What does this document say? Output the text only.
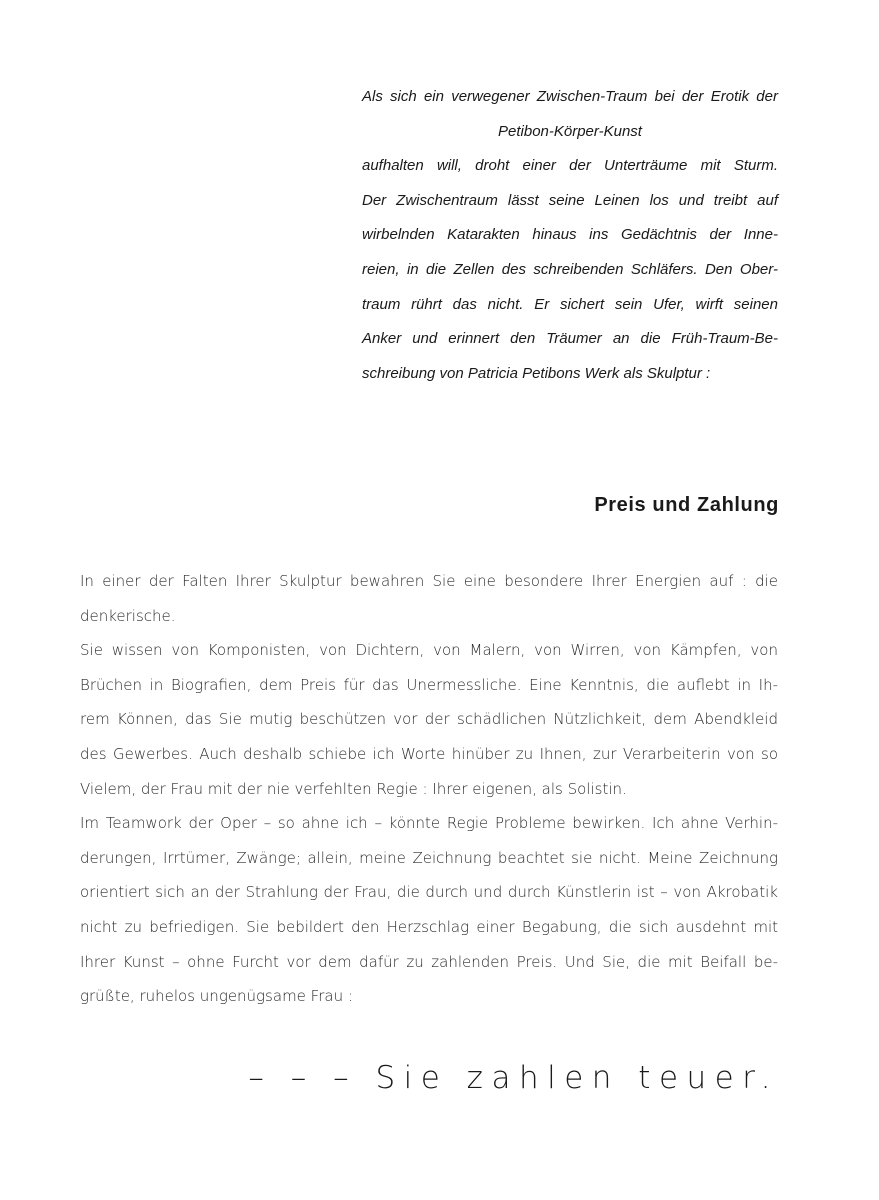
Als sich ein verwegener Zwischen-Traum bei der Erotik der
Petibon-Körper-Kunst
aufhalten will, droht einer der Unterträume mit Sturm.
Der Zwischentraum lässt seine Leinen los und treibt auf
wirbelnden Katarakten hinaus ins Gedächtnis der Inne-
reien, in die Zellen des schreibenden Schläfers. Den Ober-
traum rührt das nicht. Er sichert sein Ufer, wirft seinen
Anker und erinnert den Träumer an die Früh-Traum-Be-
schreibung von Patricia Petibons Werk als Skulptur :
Preis und Zahlung
In einer der Falten Ihrer Skulptur bewahren Sie eine besondere Ihrer Energien auf : die
denkerische.
Sie wissen von Komponisten, von Dichtern, von Malern, von Wirren, von Kämpfen, von
Brüchen in Biografien, dem Preis für das Unermessliche. Eine Kenntnis, die auflebt in Ih-
rem Können, das Sie mutig beschützen vor der schädlichen Nützlichkeit, dem Abendkleid
des Gewerbes. Auch deshalb schiebe ich Worte hinüber zu Ihnen, zur Verarbeiterin von so
Vielem, der Frau mit der nie verfehlten Regie : Ihrer eigenen, als Solistin.
Im Teamwork der Oper – so ahne ich – könnte Regie Probleme bewirken. Ich ahne Verhin-
derungen, Irrtümer, Zwänge; allein, meine Zeichnung beachtet sie nicht. Meine Zeichnung
orientiert sich an der Strahlung der Frau, die durch und durch Künstlerin ist – von Akrobatik
nicht zu befriedigen. Sie bebildert den Herzschlag einer Begabung, die sich ausdehnt mit
Ihrer Kunst – ohne Furcht vor dem dafür zu zahlenden Preis. Und Sie, die mit Beifall be-
grüßte, ruhelos ungenügsame Frau :
– – – Sie zahlen teuer.
